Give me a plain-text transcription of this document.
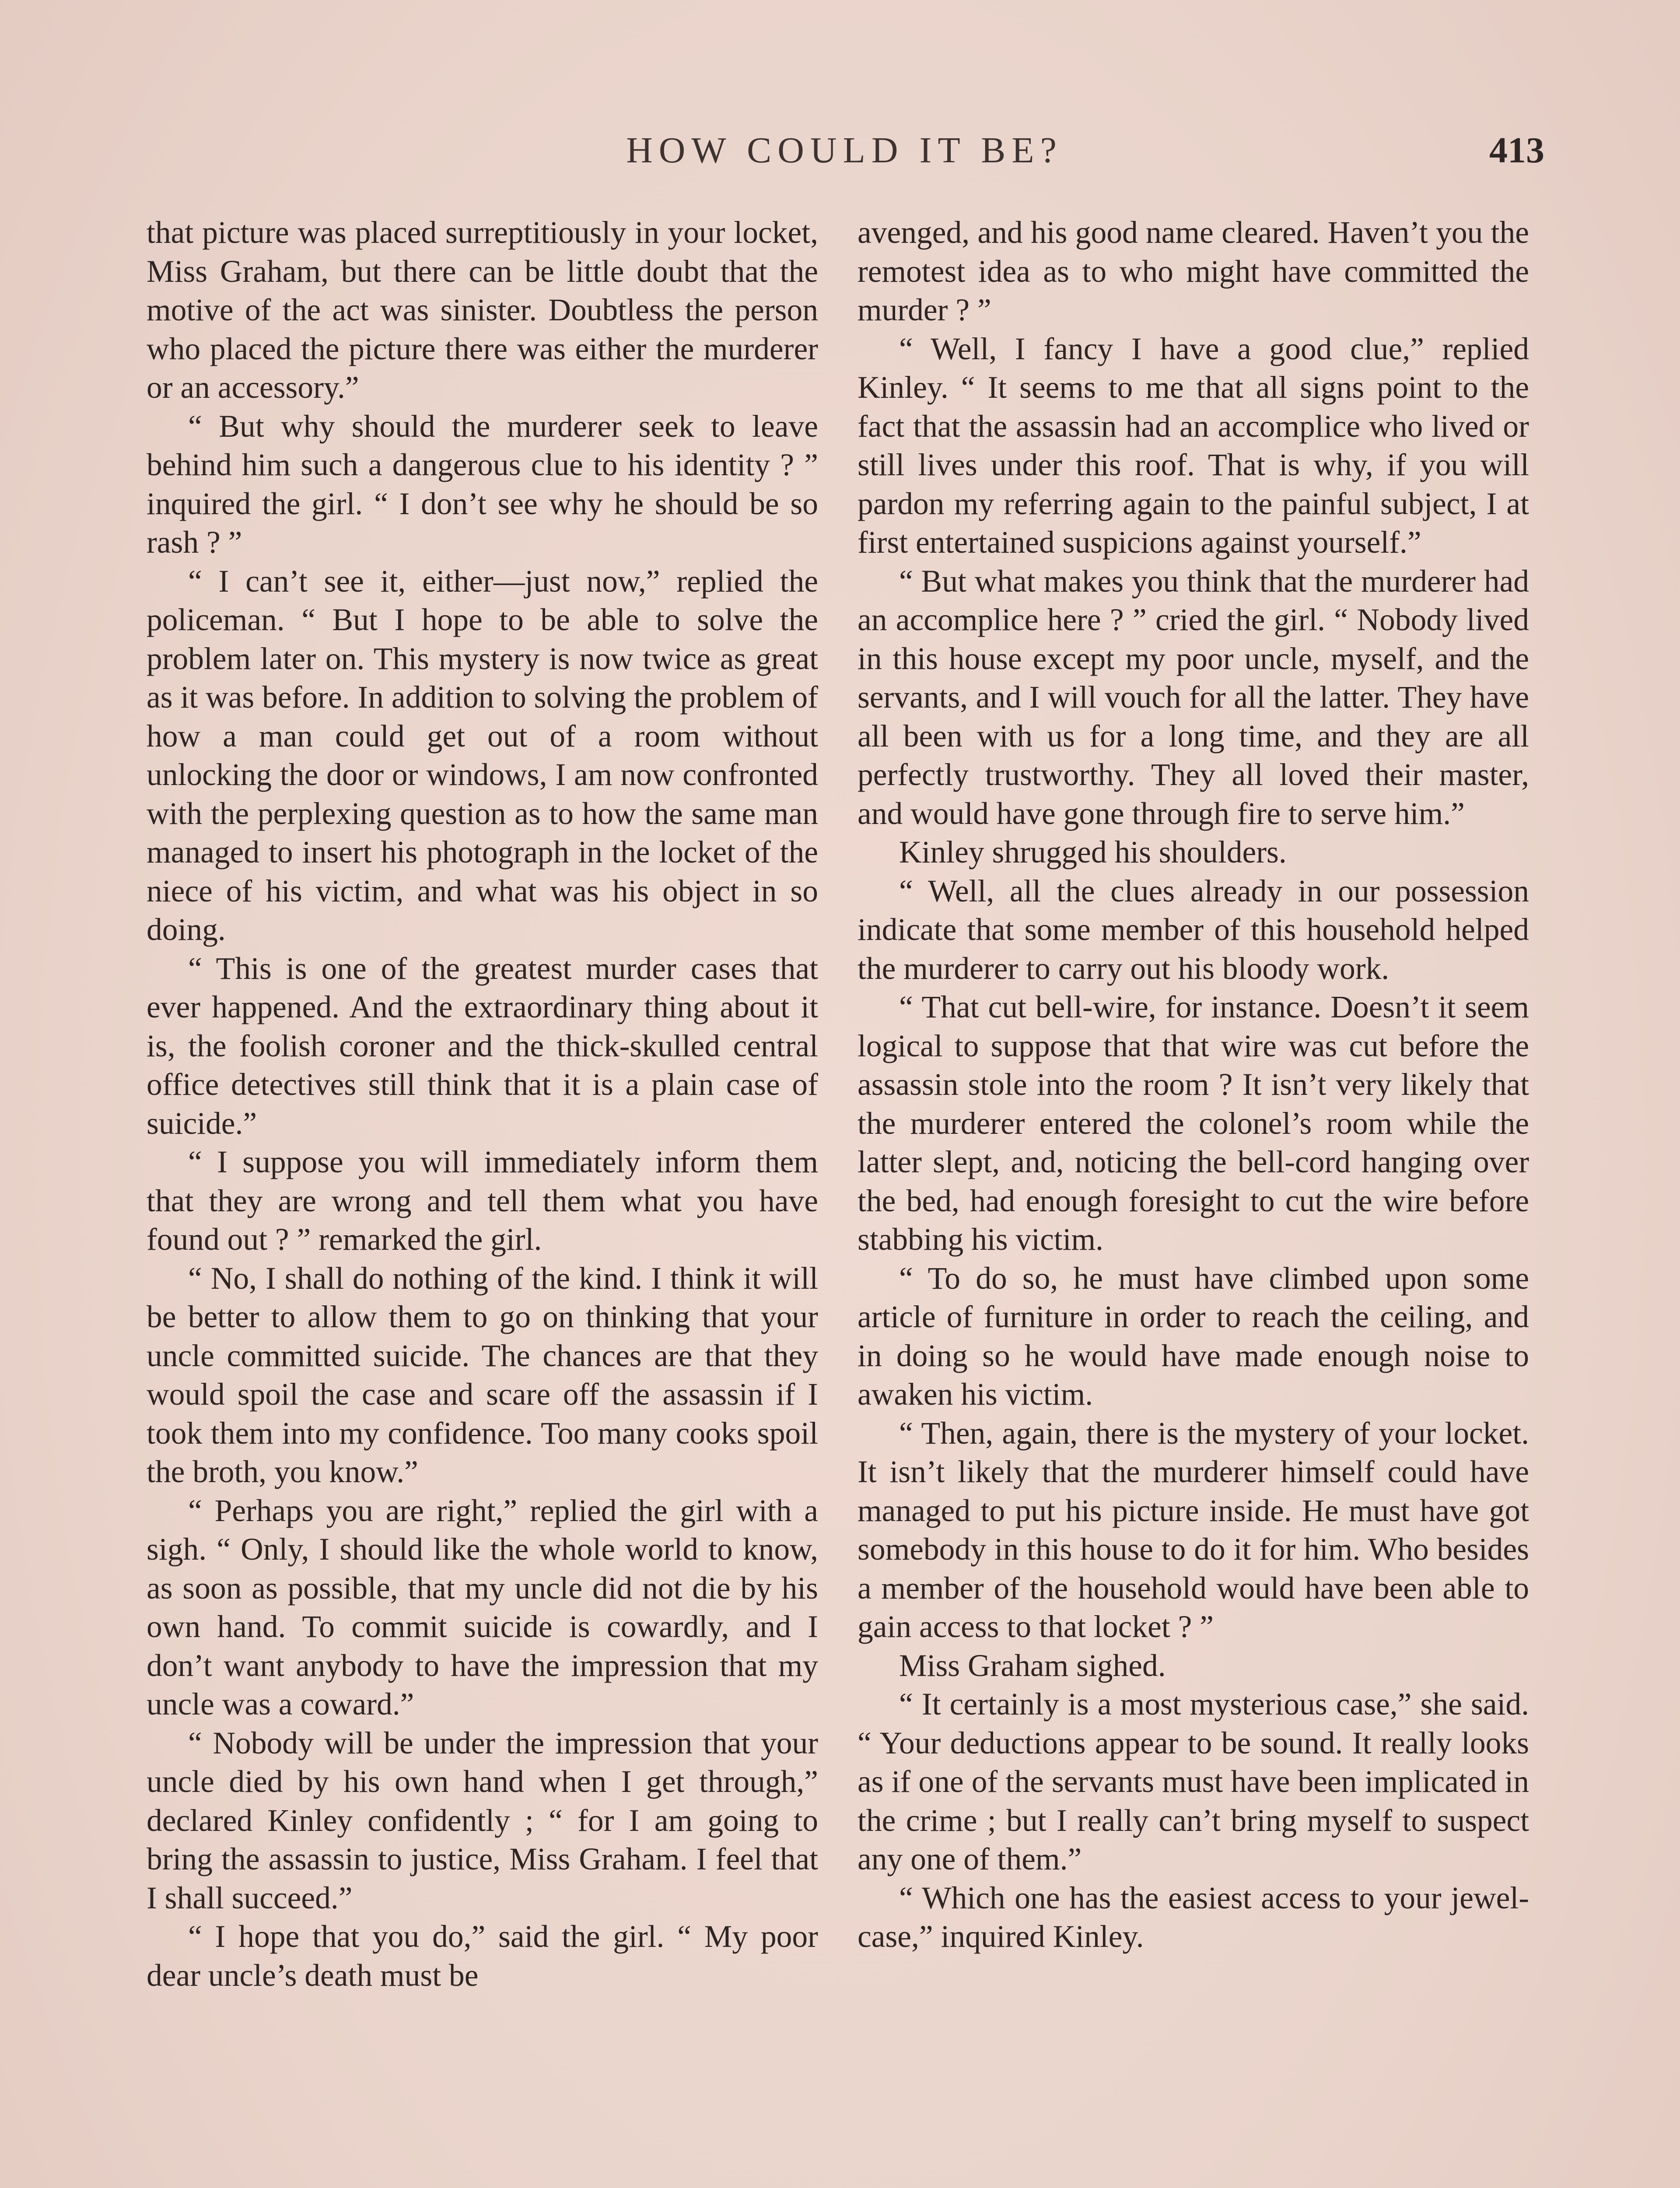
HOW COULD IT BE?	413

that picture was placed surreptitiously in your locket, Miss Graham, but there can be little doubt that the motive of the act was sinister. Doubtless the person who placed the picture there was either the murderer or an accessory.”

“ But why should the murderer seek to leave behind him such a dangerous clue to his identity ? ” inquired the girl. “ I don’t see why he should be so rash ? ”

“ I can’t see it, either—just now,” replied the policeman. “ But I hope to be able to solve the problem later on. This mystery is now twice as great as it was before. In addition to solving the problem of how a man could get out of a room without unlocking the door or windows, I am now confronted with the perplexing question as to how the same man managed to insert his photograph in the locket of the niece of his victim, and what was his object in so doing.

“ This is one of the greatest murder cases that ever happened. And the extraordinary thing about it is, the foolish coroner and the thick-skulled central office detectives still think that it is a plain case of suicide.”

“ I suppose you will immediately inform them that they are wrong and tell them what you have found out ? ” remarked the girl.

“ No, I shall do nothing of the kind. I think it will be better to allow them to go on thinking that your uncle committed suicide. The chances are that they would spoil the case and scare off the assassin if I took them into my confidence. Too many cooks spoil the broth, you know.”

“ Perhaps you are right,” replied the girl with a sigh. “ Only, I should like the whole world to know, as soon as possible, that my uncle did not die by his own hand. To commit suicide is cowardly, and I don’t want anybody to have the impression that my uncle was a coward.”

“ Nobody will be under the impression that your uncle died by his own hand when I get through,” declared Kinley confidently ; “ for I am going to bring the assassin to justice, Miss Graham. I feel that I shall succeed.”

“ I hope that you do,” said the girl. “ My poor dear uncle’s death must be

avenged, and his good name cleared. Haven’t you the remotest idea as to who might have committed the murder ? ”

“ Well, I fancy I have a good clue,” replied Kinley. “ It seems to me that all signs point to the fact that the assassin had an accomplice who lived or still lives under this roof. That is why, if you will pardon my referring again to the painful subject, I at first entertained suspicions against yourself.”

“ But what makes you think that the murderer had an accomplice here ? ” cried the girl. “ Nobody lived in this house except my poor uncle, myself, and the servants, and I will vouch for all the latter. They have all been with us for a long time, and they are all perfectly trustworthy. They all loved their master, and would have gone through fire to serve him.”

Kinley shrugged his shoulders.

“ Well, all the clues already in our possession indicate that some member of this household helped the murderer to carry out his bloody work.

“ That cut bell-wire, for instance. Doesn’t it seem logical to suppose that that wire was cut before the assassin stole into the room ? It isn’t very likely that the murderer entered the colonel’s room while the latter slept, and, noticing the bell-cord hanging over the bed, had enough foresight to cut the wire before stabbing his victim.

“ To do so, he must have climbed upon some article of furniture in order to reach the ceiling, and in doing so he would have made enough noise to awaken his victim.

“ Then, again, there is the mystery of your locket. It isn’t likely that the murderer himself could have managed to put his picture inside. He must have got somebody in this house to do it for him. Who besides a member of the household would have been able to gain access to that locket ? ”

Miss Graham sighed.

“ It certainly is a most mysterious case,” she said. “ Your deductions appear to be sound. It really looks as if one of the servants must have been implicated in the crime ; but I really can’t bring myself to suspect any one of them.”

“ Which one has the easiest access to your jewel-case,” inquired Kinley.
